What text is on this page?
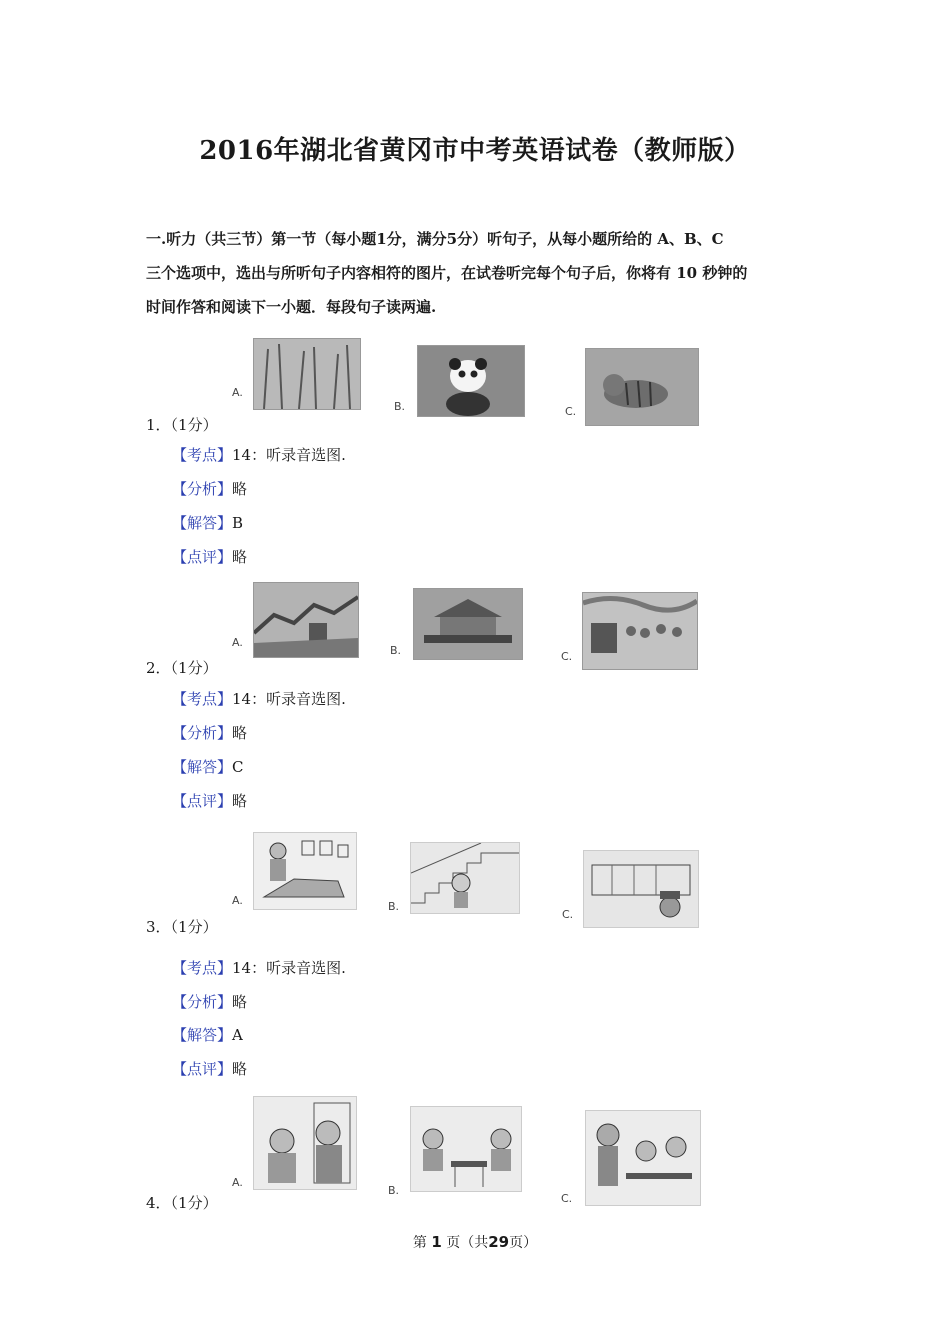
2016年湖北省黄冈市中考英语试卷（教师版）
一.听力（共三节）第一节（每小题1分，满分5分）听句子，从每小题所给的 A、B、C
三个选项中，选出与所听句子内容相符的图片，在试卷听完每个句子后，你将有 10 秒钟的
时间作答和阅读下一小题．每段句子读两遍.
A.
B.	C.
1．（1分）
【考点】14：听录音选图.
【分析】略
【解答】B
【点评】略
A.
B.	C.
2．（1分）
【考点】14：听录音选图.
【分析】略
【解答】C
【点评】略
A.	B.
C.
3．（1分）
【考点】14：听录音选图.
【分析】略
【解答】A
【点评】略
A.
B.
C.
4．（1分）
第 1 页（共29页）
